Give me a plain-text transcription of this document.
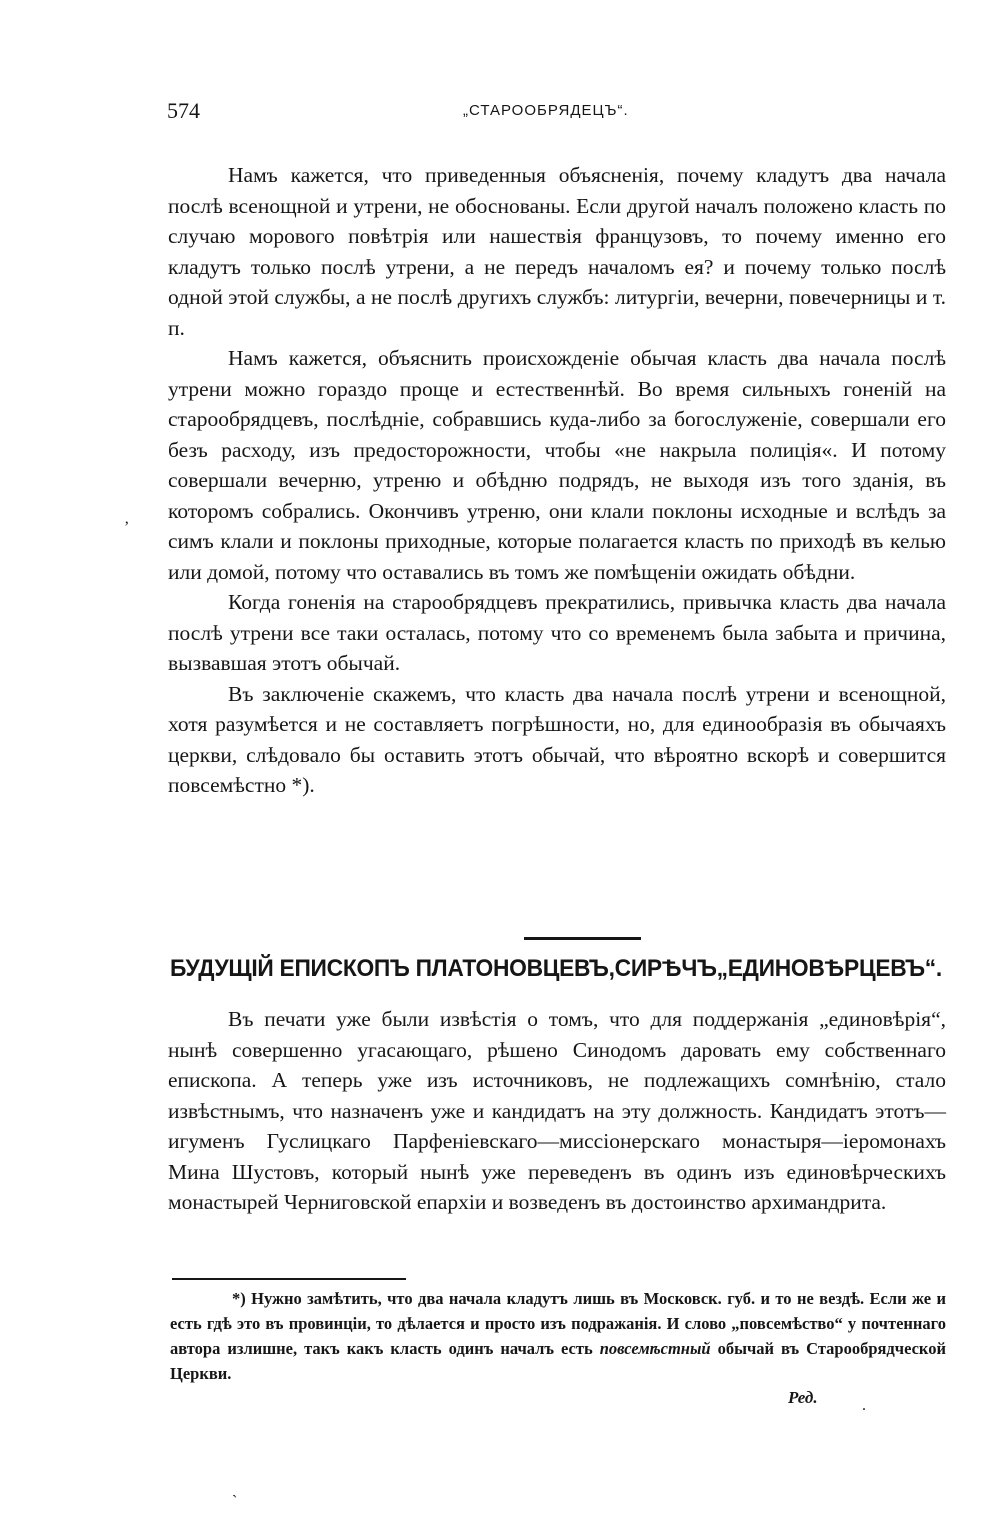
574	„СТАРООБРЯДЕЦЪ“.

Намъ кажется, что приведенныя объясненія, почему кладутъ два начала послѣ всенощной и утрени, не обоснованы. Если другой началъ положено класть по случаю морового повѣтрія или нашествія французовъ, то почему именно его кладутъ только послѣ утрени, а не передъ началомъ ея? и почему только послѣ одной этой службы, а не послѣ другихъ службъ: литургіи, вечерни, повечерницы и т. п.

Намъ кажется, объяснить происхожденіе обычая класть два начала послѣ утрени можно гораздо проще и естественнѣй. Во время сильныхъ гоненій на старообрядцевъ, послѣдніе, собравшись куда-либо за богослуженіе, совершали его безъ расходу, изъ предосторожности, чтобы «не накрыла полиція«. И потому совершали вечерню, утреню и обѣдню подрядъ, не выходя изъ того зданія, въ которомъ собрались. Окончивъ утреню, они клали поклоны исходные и вслѣдъ за симъ клали и поклоны приходные, которые полагается класть по приходѣ въ келью или домой, потому что оставались въ томъ же помѣщеніи ожидать обѣдни.

Когда гоненія на старообрядцевъ прекратились, привычка класть два начала послѣ утрени все таки осталась, потому что со временемъ была забыта и причина, вызвавшая этотъ обычай.

Въ заключеніе скажемъ, что класть два начала послѣ утрени и всенощной, хотя разумѣется и не составляетъ погрѣшности, но, для единообразія въ обычаяхъ церкви, слѣдовало бы оставить этотъ обычай, что вѣроятно вскорѣ и совершится повсемѣстно *).

БУДУЩІЙ ЕПИСКОПЪ ПЛАТОНОВЦЕВЪ,СИРѢЧЪ„ЕДИНОВѢРЦЕВЪ“.

Въ печати уже были извѣстія о томъ, что для поддержанія „единовѣрія“, нынѣ совершенно угасающаго, рѣшено Синодомъ даровать ему собственнаго епископа. А теперь уже изъ источниковъ, не подлежащихъ сомнѣнію, стало извѣстнымъ, что назначенъ уже и кандидатъ на эту должность. Кандидатъ этотъ—игуменъ Гуслицкаго Парфеніевскаго—миссіонерскаго монастыря—іеромонахъ Мина Шустовъ, который нынѣ уже переведенъ въ одинъ изъ единовѣрческихъ монастырей Черниговской епархіи и возведенъ въ достоинство архимандрита.

*) Нужно замѣтить, что два начала кладутъ лишь въ Московск. губ. и то не вездѣ. Если же и есть гдѣ это въ провинціи, то дѣлается и просто изъ подражанія. И слово „повсемѣство“ у почтеннаго автора излишне, такъ какъ класть одинъ началъ есть повсемѣстный обычай въ Старообрядческой Церкви.

Ред.
ʼ
.
ˋ
